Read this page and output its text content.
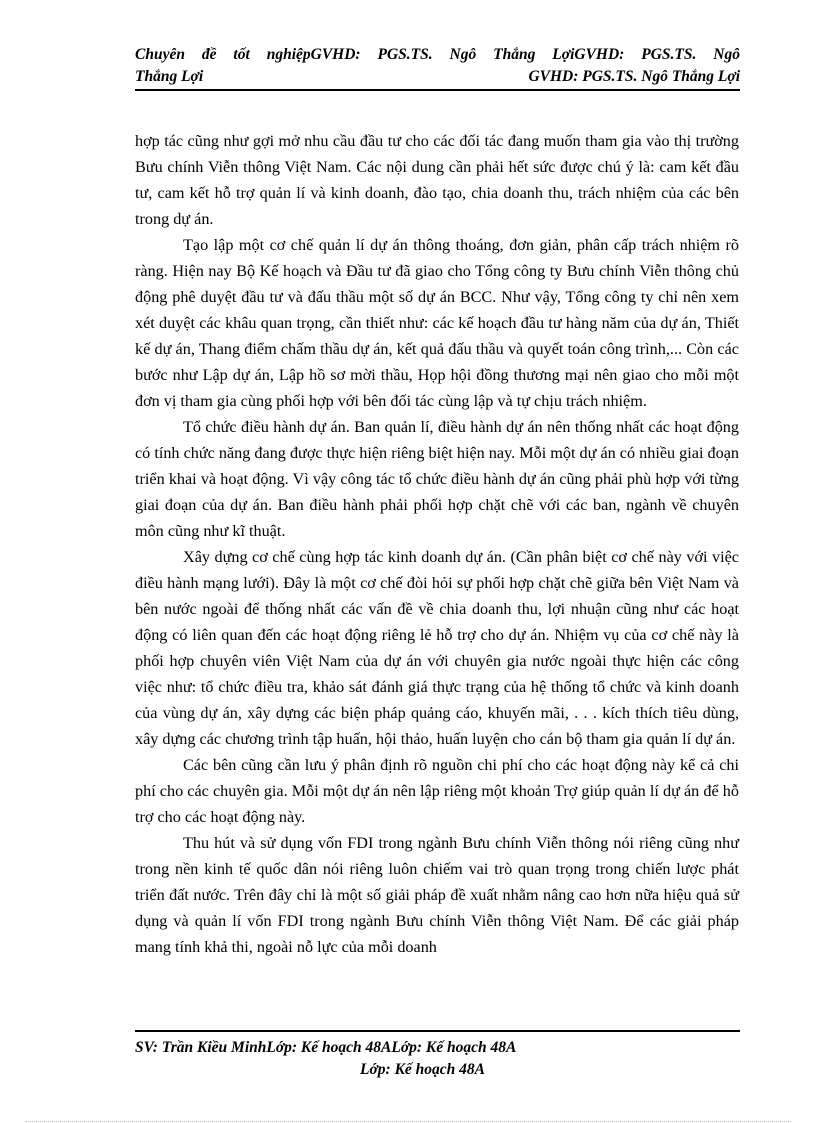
Chuyên đề tốt nghiệpGVHD: PGS.TS. Ngô Thắng LợiGVHD: PGS.TS. Ngô
Thắng Lợi	GVHD: PGS.TS. Ngô Thắng Lợi

hợp tác cũng như gợi mở nhu cầu đầu tư cho các đối tác đang muốn tham gia vào thị trường Bưu chính Viễn thông Việt Nam. Các nội dung cần phải hết sức được chú ý là: cam kết đầu tư, cam kết hỗ trợ quản lí và kinh doanh, đào tạo, chia doanh thu, trách nhiệm của các bên trong dự án.

Tạo lập một cơ chế quản lí dự án thông thoáng, đơn giản, phân cấp trách nhiệm rõ ràng. Hiện nay Bộ Kế hoạch và Đầu tư đã giao cho Tổng công ty Bưu chính Viễn thông chủ động phê duyệt đầu tư và đấu thầu một số dự án BCC. Như vậy, Tổng công ty chỉ nên xem xét duyệt các khâu quan trọng, cần thiết như: các kế hoạch đầu tư hàng năm của dự án, Thiết kế dự án, Thang điểm chấm thầu dự án, kết quả đấu thầu và quyết toán công trình,... Còn các bước như Lập dự án, Lập hồ sơ mời thầu, Họp hội đồng thương mại nên giao cho mỗi một đơn vị tham gia cùng phối hợp với bên đối tác cùng lập và tự chịu trách nhiệm.

Tổ chức điều hành dự án. Ban quản lí, điều hành dự án nên thống nhất các hoạt động có tính chức năng đang được thực hiện riêng biệt hiện nay. Mỗi một dự án có nhiều giai đoạn triển khai và hoạt động. Vì vậy công tác tổ chức điều hành dự án cũng phải phù hợp với từng giai đoạn của dự án. Ban điều hành phải phối hợp chặt chẽ với các ban, ngành về chuyên môn cũng như kĩ thuật.

Xây dựng cơ chế cùng hợp tác kinh doanh dự án. (Cần phân biệt cơ chế này với việc điều hành mạng lưới). Đây là một cơ chế đòi hỏi sự phối hợp chặt chẽ giữa bên Việt Nam và bên nước ngoài để thống nhất các vấn đề về chia doanh thu, lợi nhuận cũng như các hoạt động có liên quan đến các hoạt động riêng lẻ hỗ trợ cho dự án. Nhiệm vụ của cơ chế này là phối hợp chuyên viên Việt Nam của dự án với chuyên gia nước ngoài thực hiện các công việc như: tổ chức điều tra, khảo sát đánh giá thực trạng của hệ thống tổ chức và kinh doanh của vùng dự án, xây dựng các biện pháp quảng cáo, khuyến mãi, . . . kích thích tiêu dùng, xây dựng các chương trình tập huấn, hội thảo, huấn luyện cho cán bộ tham gia quản lí dự án.

Các bên cũng cần lưu ý phân định rõ nguồn chi phí cho các hoạt động này kể cả chi phí cho các chuyên gia. Mỗi một dự án nên lập riêng một khoản Trợ giúp quản lí dự án để hỗ trợ cho các hoạt động này.

Thu hút và sử dụng vốn FDI trong ngành Bưu chính Viễn thông nói riêng cũng như trong nền kinh tế quốc dân nói riêng luôn chiếm vai trò quan trọng trong chiến lược phát triển đất nước. Trên đây chỉ là một số giải pháp đề xuất nhằm nâng cao hơn nữa hiệu quả sử dụng và quản lí vốn FDI trong ngành Bưu chính Viễn thông Việt Nam. Để các giải pháp mang tính khả thi, ngoài nỗ lực của mỗi doanh

SV: Trần Kiều MinhLớp: Kế hoạch 48ALớp: Kế hoạch 48A
Lớp: Kế hoạch 48A
